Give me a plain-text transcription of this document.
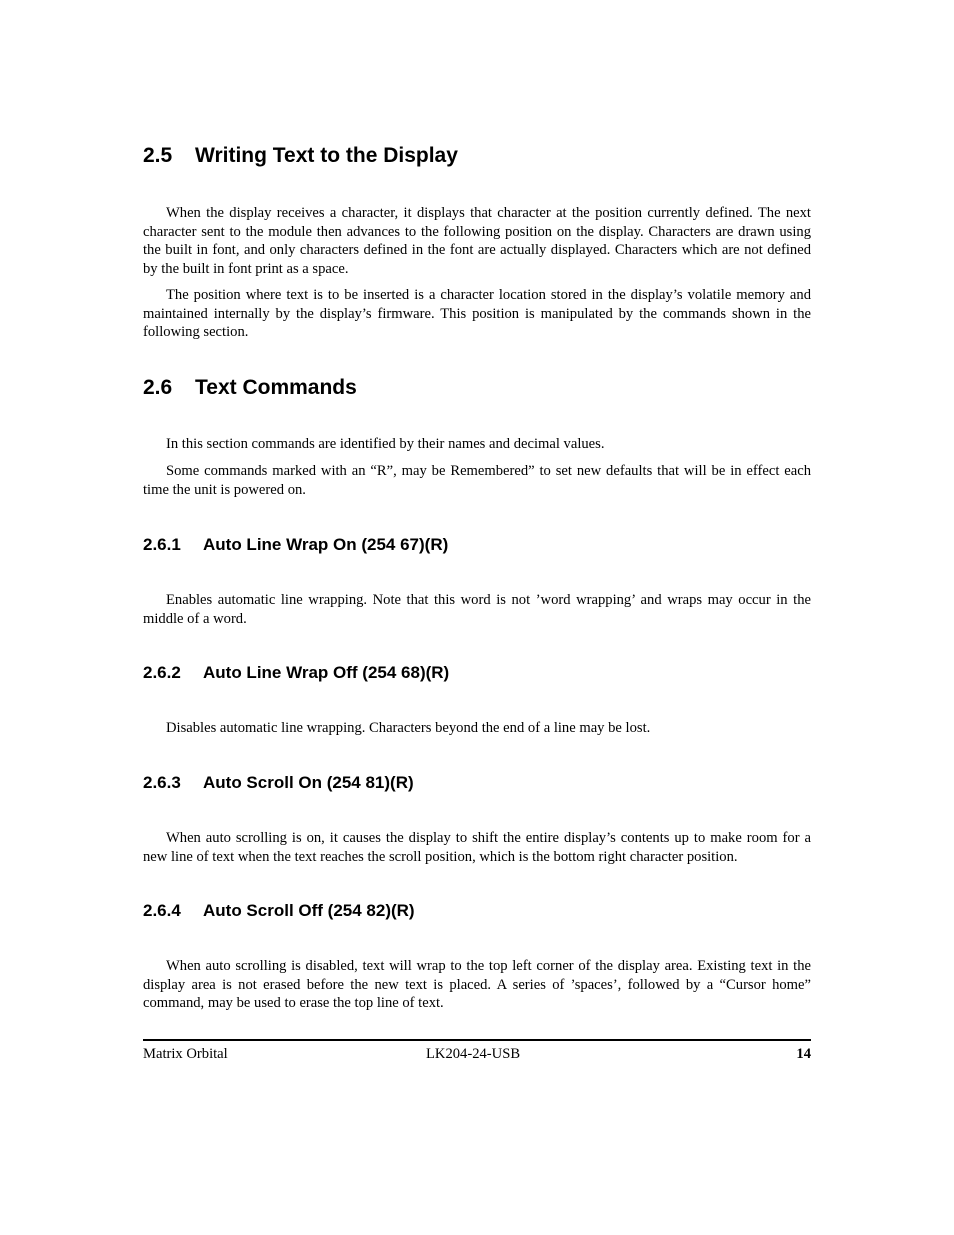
2.5 Writing Text to the Display

When the display receives a character, it displays that character at the position currently defined. The next character sent to the module then advances to the following position on the display. Characters are drawn using the built in font, and only characters defined in the font are actually displayed. Characters which are not defined by the built in font print as a space.

The position where text is to be inserted is a character location stored in the display’s volatile memory and maintained internally by the display’s firmware. This position is manipulated by the commands shown in the following section.

2.6 Text Commands

In this section commands are identified by their names and decimal values.

Some commands marked with an “R”, may be Remembered” to set new defaults that will be in effect each time the unit is powered on.

2.6.1 Auto Line Wrap On (254 67)(R)

Enables automatic line wrapping. Note that this word is not ’word wrapping’ and wraps may occur in the middle of a word.

2.6.2 Auto Line Wrap Off (254 68)(R)

Disables automatic line wrapping. Characters beyond the end of a line may be lost.

2.6.3 Auto Scroll On (254 81)(R)

When auto scrolling is on, it causes the display to shift the entire display’s contents up to make room for a new line of text when the text reaches the scroll position, which is the bottom right character position.

2.6.4 Auto Scroll Off (254 82)(R)

When auto scrolling is disabled, text will wrap to the top left corner of the display area. Existing text in the display area is not erased before the new text is placed. A series of ’spaces’, followed by a “Cursor home” command, may be used to erase the top line of text.

Matrix Orbital	LK204-24-USB	14
